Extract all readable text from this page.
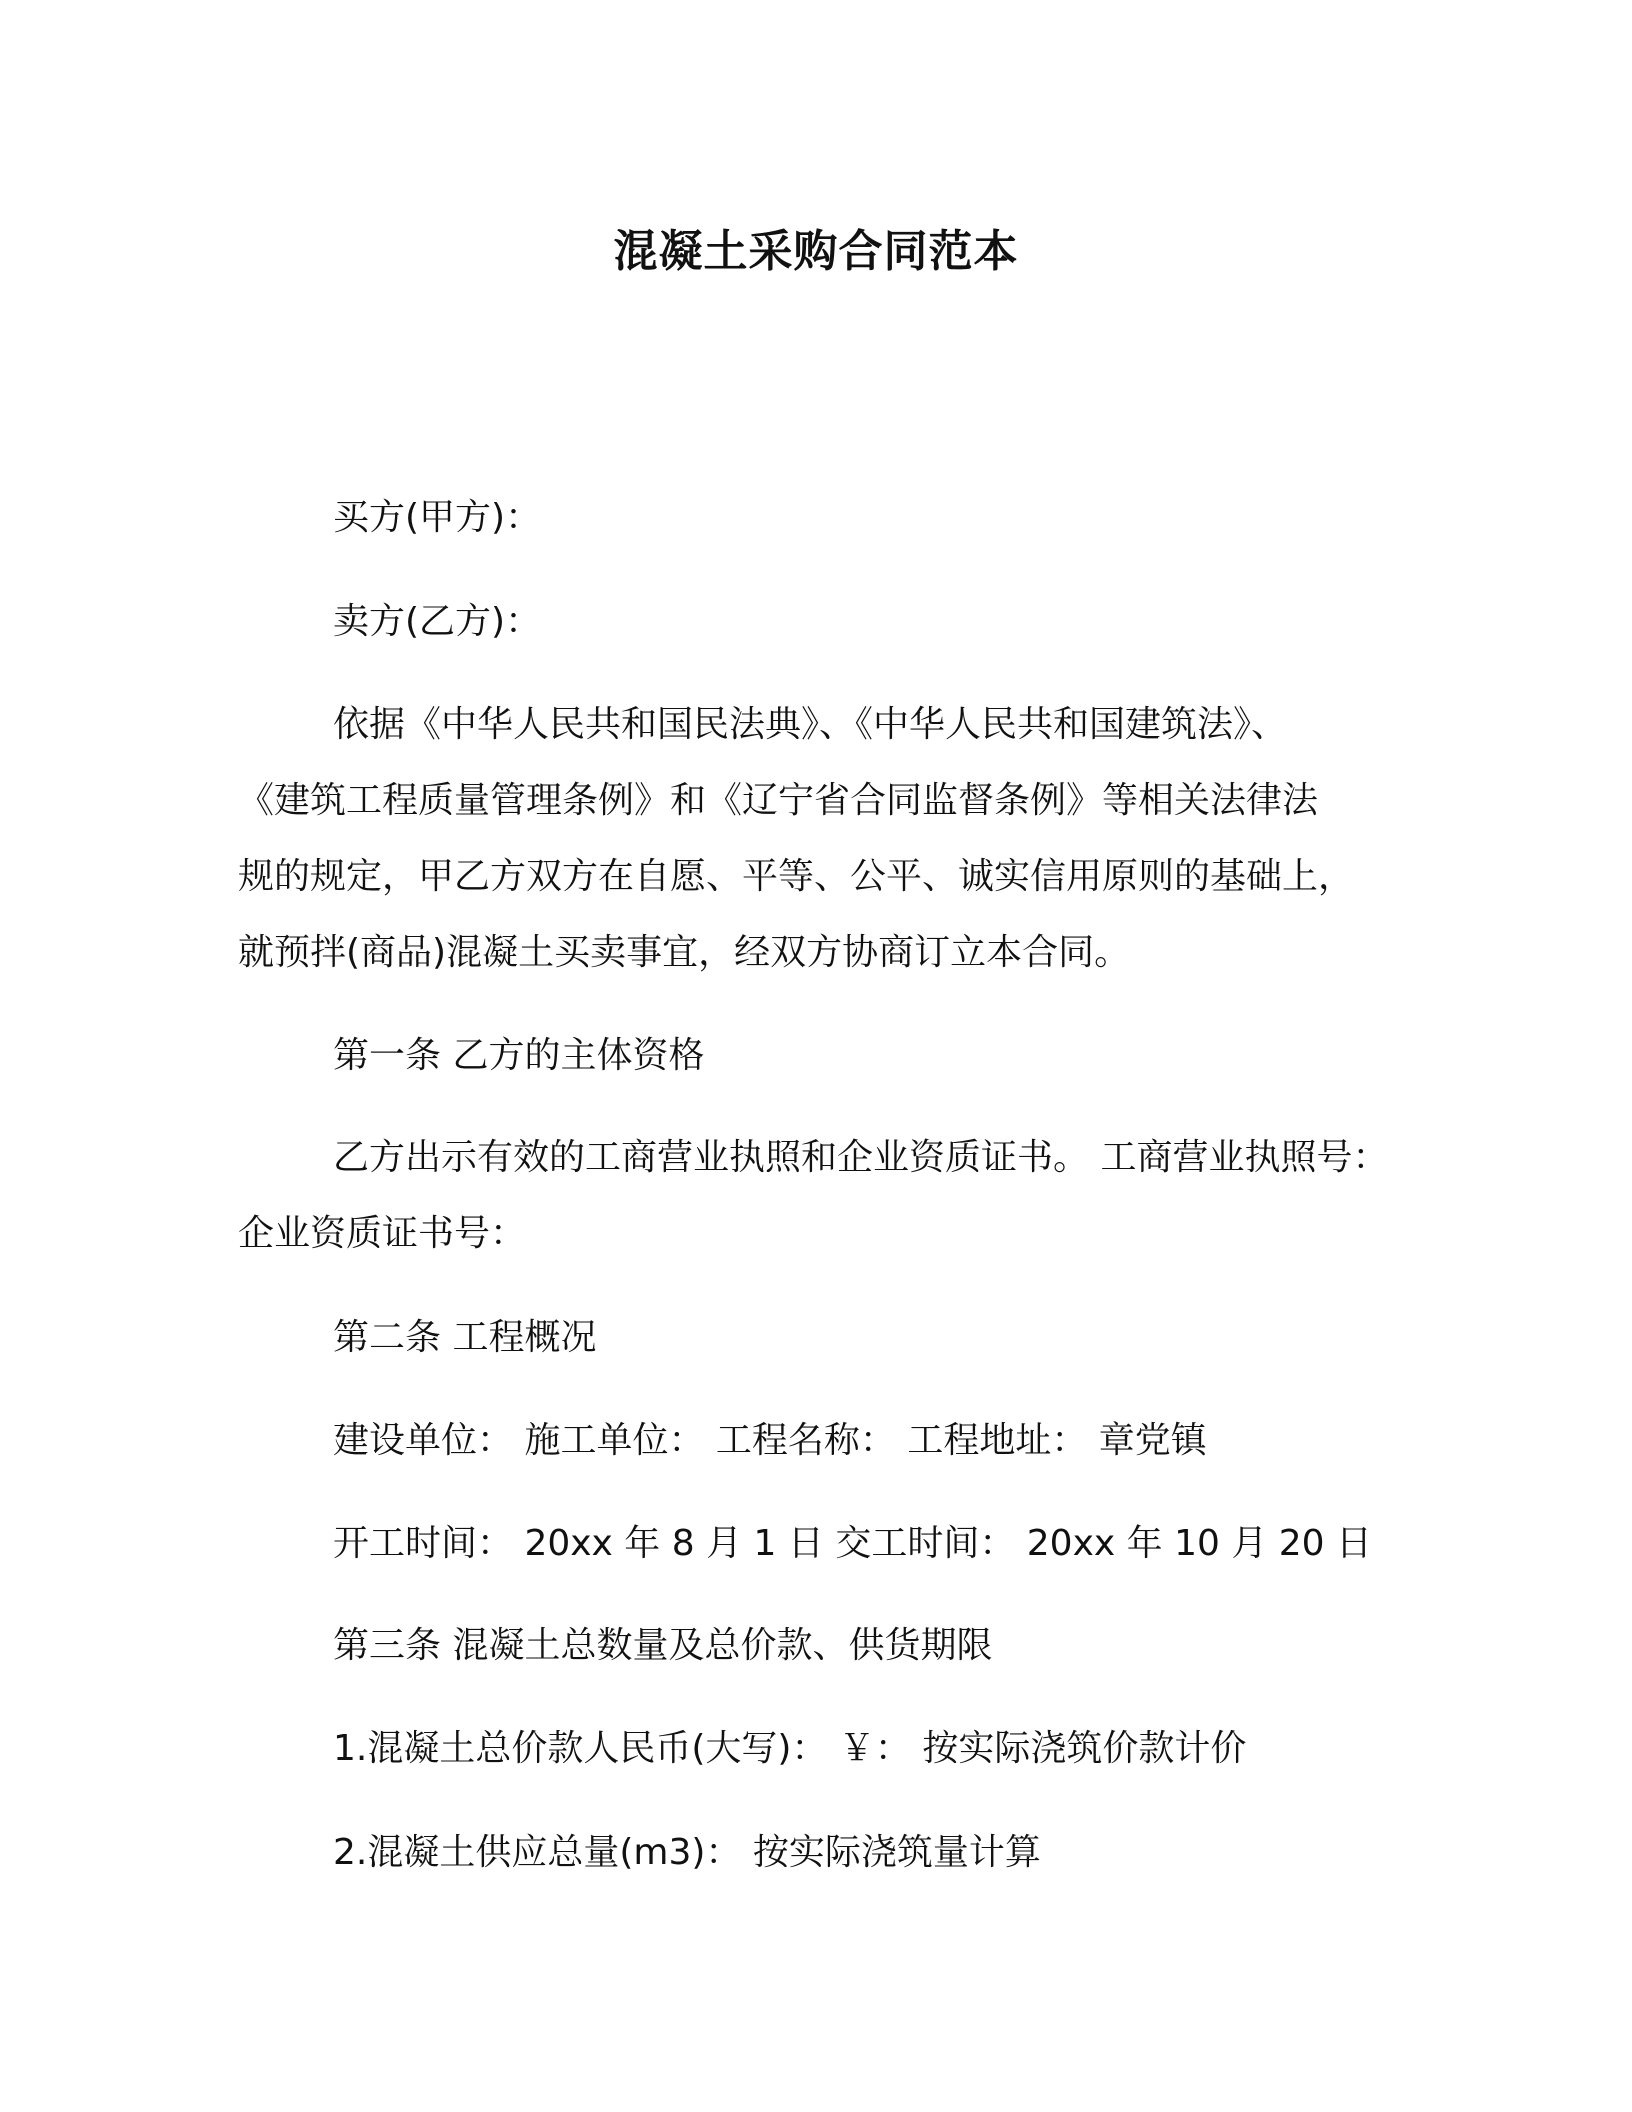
混凝土采购合同范本
买方(甲方)：
卖方(乙方)：
依据《中华人民共和国民法典》、《中华人民共和国建筑法》、
《建筑工程质量管理条例》和《辽宁省合同监督条例》等相关法律法
规的规定，甲乙方双方在自愿、平等、公平、诚实信用原则的基础上，
就预拌(商品)混凝土买卖事宜，经双方协商订立本合同。
第一条 乙方的主体资格
乙方出示有效的工商营业执照和企业资质证书。 工商营业执照号：
企业资质证书号：
第二条 工程概况
建设单位： 施工单位： 工程名称： 工程地址： 章党镇
开工时间： 20xx 年 8 月 1 日 交工时间： 20xx 年 10 月 20 日
第三条 混凝土总数量及总价款、供货期限
1.混凝土总价款人民币(大写)： ￥： 按实际浇筑价款计价
2.混凝土供应总量(m3)： 按实际浇筑量计算
